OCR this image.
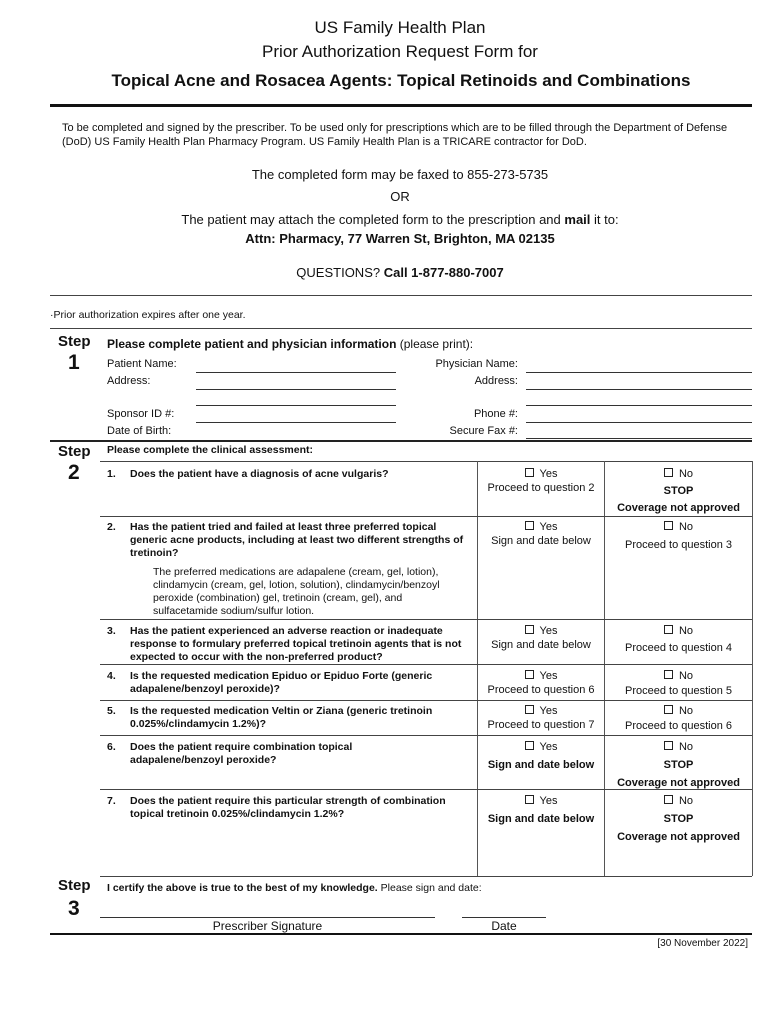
US Family Health Plan
Prior Authorization Request Form for
Topical Acne and Rosacea Agents: Topical Retinoids and Combinations
To be completed and signed by the prescriber. To be used only for prescriptions which are to be filled through the Department of Defense (DoD) US Family Health Plan Pharmacy Program. US Family Health Plan is a TRICARE contractor for DoD.
The completed form may be faxed to 855-273-5735
OR
The patient may attach the completed form to the prescription and mail it to:
Attn: Pharmacy, 77 Warren St, Brighton, MA 02135
QUESTIONS? Call 1-877-880-7007
·Prior authorization expires after one year.
Step
1
Please complete patient and physician information (please print):
Patient Name:
Address:
Sponsor ID #:
Date of Birth:
Physician Name:
Address:
Phone #:
Secure Fax #:
Step
2
Please complete the clinical assessment:
1. Does the patient have a diagnosis of acne vulgaris?	Yes
Proceed to question 2
No
STOP
Coverage not approved
2. Has the patient tried and failed at least three preferred topical generic acne products, including at least two different strengths of tretinoin?
The preferred medications are adapalene (cream, gel, lotion), clindamycin (cream, gel, lotion, solution), clindamycin/benzoyl peroxide (combination) gel, tretinoin (cream, gel), and sulfacetamide sodium/sulfur lotion.
Yes
Sign and date below
No
Proceed to question 3
3. Has the patient experienced an adverse reaction or inadequate response to formulary preferred topical tretinoin agents that is not expected to occur with the non-preferred product?
Yes
Sign and date below
No
Proceed to question 4
4. Is the requested medication Epiduo or Epiduo Forte (generic adapalene/benzoyl peroxide)?
Yes
Proceed to question 6
No
Proceed to question 5
5. Is the requested medication Veltin or Ziana (generic tretinoin 0.025%/clindamycin 1.2%)?
Yes
Proceed to question 7
No
Proceed to question 6
6. Does the patient require combination topical adapalene/benzoyl peroxide?
Yes
Sign and date below
No
STOP
Coverage not approved
7. Does the patient require this particular strength of combination topical tretinoin 0.025%/clindamycin 1.2%?
Yes
Sign and date below
No
STOP
Coverage not approved
Step
3
I certify the above is true to the best of my knowledge. Please sign and date:
Prescriber Signature	Date
[30 November 2022]
